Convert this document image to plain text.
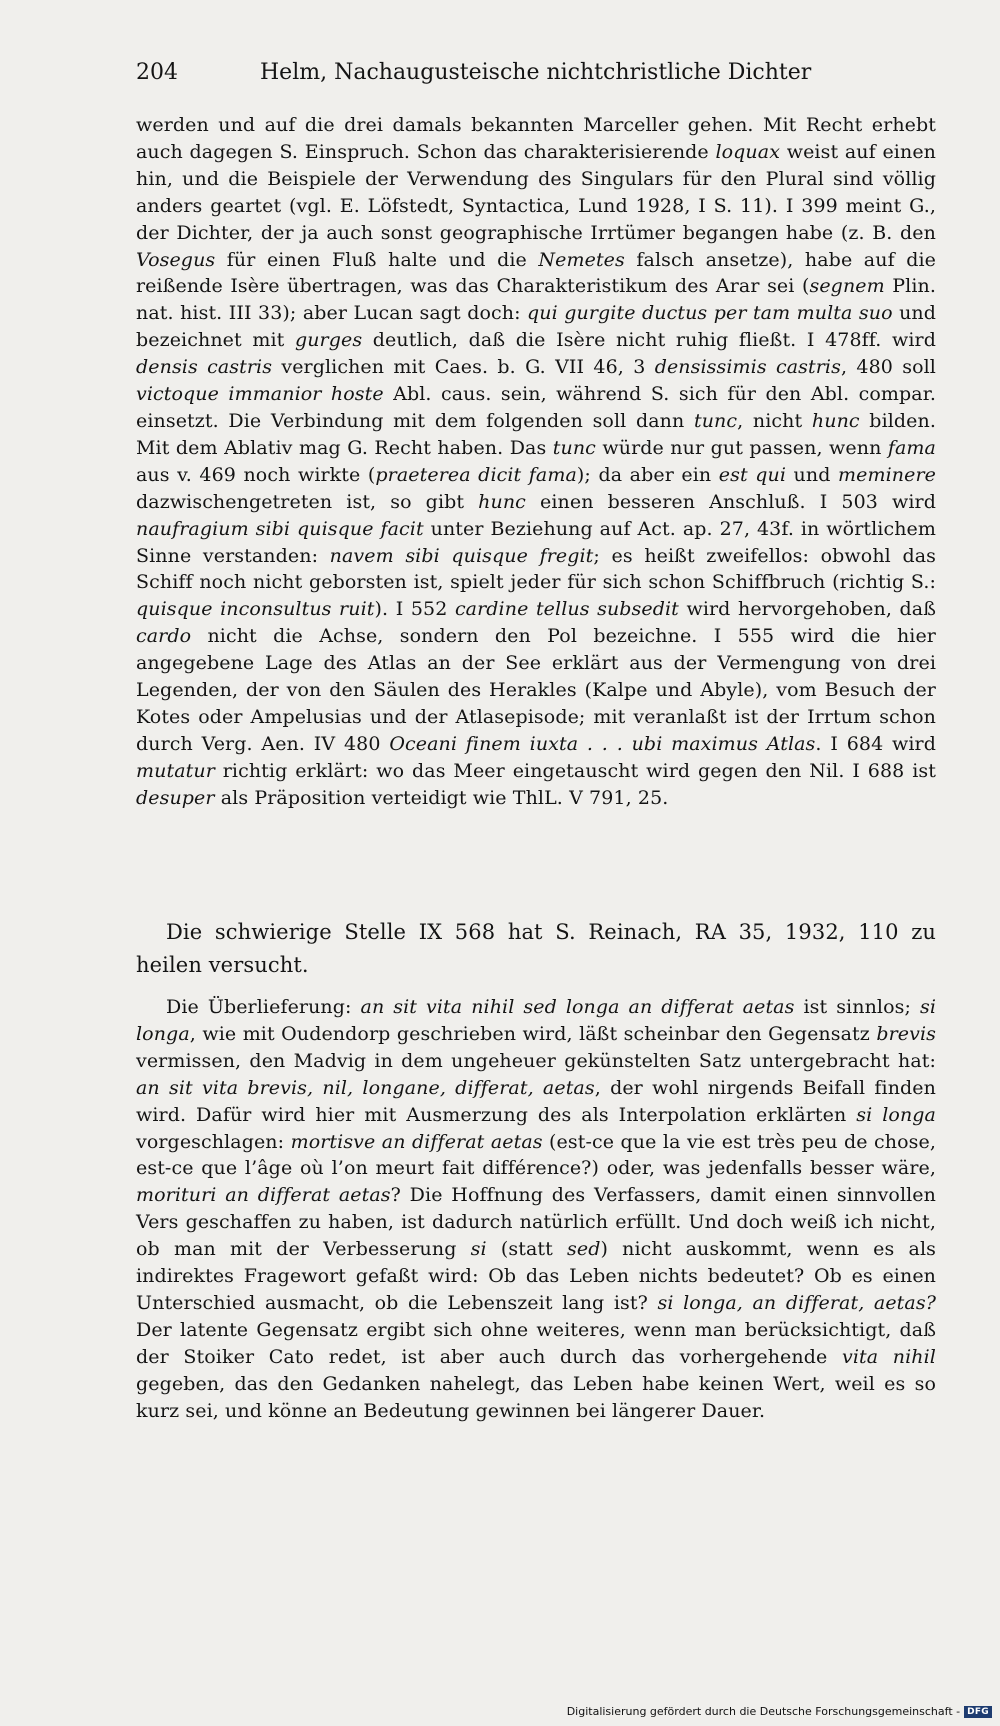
204	Helm, Nachaugusteische nichtchristliche Dichter

werden und auf die drei damals bekannten Marceller gehen. Mit Recht erhebt auch dagegen S. Einspruch. Schon das charakterisierende loquax weist auf einen hin, und die Beispiele der Verwendung des Singulars für den Plural sind völlig anders geartet (vgl. E. Löfstedt, Syntactica, Lund 1928, I S. 11). I 399 meint G., der Dichter, der ja auch sonst geographische Irrtümer begangen habe (z. B. den Vosegus für einen Fluß halte und die Nemetes falsch ansetze), habe auf die reißende Isère übertragen, was das Charakteristikum des Arar sei (segnem Plin. nat. hist. III 33); aber Lucan sagt doch: qui gurgite ductus per tam multa suo und bezeichnet mit gurges deutlich, daß die Isère nicht ruhig fließt. I 478ff. wird densis castris verglichen mit Caes. b. G. VII 46, 3 densissimis castris, 480 soll victoque immanior hoste Abl. caus. sein, während S. sich für den Abl. compar. einsetzt. Die Verbindung mit dem folgenden soll dann tunc, nicht hunc bilden. Mit dem Ablativ mag G. Recht haben. Das tunc würde nur gut passen, wenn fama aus v. 469 noch wirkte (praeterea dicit fama); da aber ein est qui und meminere dazwischengetreten ist, so gibt hunc einen besseren Anschluß. I 503 wird naufragium sibi quisque facit unter Beziehung auf Act. ap. 27, 43f. in wörtlichem Sinne verstanden: navem sibi quisque fregit; es heißt zweifellos: obwohl das Schiff noch nicht geborsten ist, spielt jeder für sich schon Schiffbruch (richtig S.: quisque inconsultus ruit). I 552 cardine tellus subsedit wird hervorgehoben, daß cardo nicht die Achse, sondern den Pol bezeichne. I 555 wird die hier angegebene Lage des Atlas an der See erklärt aus der Vermengung von drei Legenden, der von den Säulen des Herakles (Kalpe und Abyle), vom Besuch der Kotes oder Ampelusias und der Atlasepisode; mit veranlaßt ist der Irrtum schon durch Verg. Aen. IV 480 Oceani finem iuxta . . . ubi maximus Atlas. I 684 wird mutatur richtig erklärt: wo das Meer eingetauscht wird gegen den Nil. I 688 ist desuper als Präposition verteidigt wie ThlL. V 791, 25.

Die schwierige Stelle IX 568 hat S. Reinach, RA 35, 1932, 110 zu heilen versucht.

Die Überlieferung: an sit vita nihil sed longa an differat aetas ist sinnlos; si longa, wie mit Oudendorp geschrieben wird, läßt scheinbar den Gegensatz brevis vermissen, den Madvig in dem ungeheuer gekünstelten Satz untergebracht hat: an sit vita brevis, nil, longane, differat, aetas, der wohl nirgends Beifall finden wird. Dafür wird hier mit Ausmerzung des als Interpolation erklärten si longa vorgeschlagen: mortisve an differat aetas (est-ce que la vie est très peu de chose, est-ce que l’âge où l’on meurt fait différence?) oder, was jedenfalls besser wäre, morituri an differat aetas? Die Hoffnung des Verfassers, damit einen sinnvollen Vers geschaffen zu haben, ist dadurch natürlich erfüllt. Und doch weiß ich nicht, ob man mit der Verbesserung si (statt sed) nicht auskommt, wenn es als indirektes Fragewort gefaßt wird: Ob das Leben nichts bedeutet? Ob es einen Unterschied ausmacht, ob die Lebenszeit lang ist? si longa, an differat, aetas? Der latente Gegensatz ergibt sich ohne weiteres, wenn man berücksichtigt, daß der Stoiker Cato redet, ist aber auch durch das vorhergehende vita nihil gegeben, das den Gedanken nahelegt, das Leben habe keinen Wert, weil es so kurz sei, und könne an Bedeutung gewinnen bei längerer Dauer.

Digitalisierung gefördert durch die Deutsche Forschungsgemeinschaft - DFG
